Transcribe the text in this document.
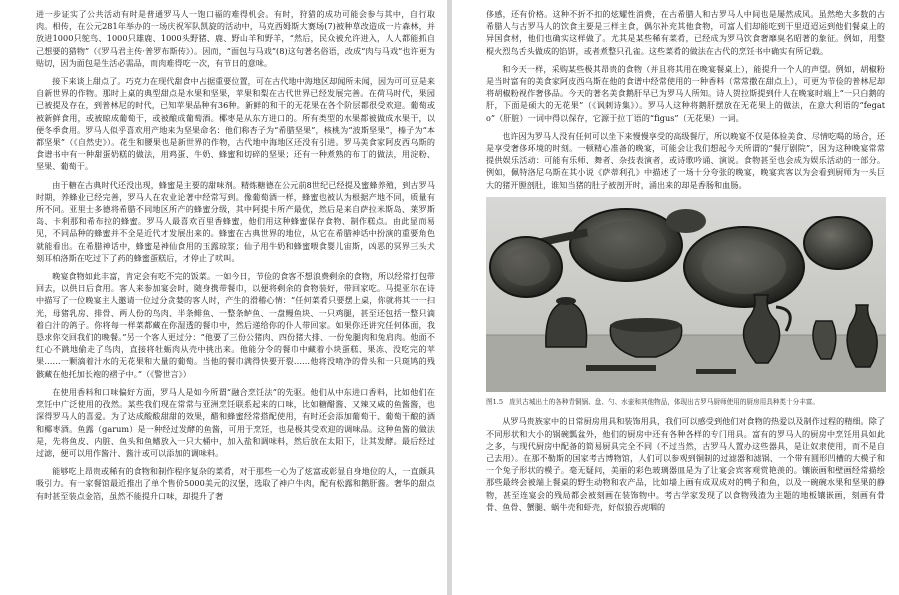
进一步证实了公共活动有时是普通罗马人一饱口福的难得机会。有时，狩猎的成功可能会参与其中，自行取肉。相传，在公元281年举办的一场庆祝军队凯旋的活动中，马克西姆斯大赛场(7)被种草改造成一片森林，并放进1000只鸵鸟、1000只雄鹿、1000头野猪、鹿、野山羊和野羊，“然后，民众被允许进入，人人都能抓自己想要的猎物”（《罗马君主传·普罗布斯传》）。因而，“面包与马戏”(8)这句著名俗语，改成“肉与马戏”也许更为贴切，因为面包是生活必需品，而肉难得吃一次，有节日的意味。

接下来谈上甜点了。巧克力在现代甜食中占据重要位置，可在古代地中海地区却闻所未闻，因为可可豆是来自新世界的作物。那时上桌的典型甜点是水果和坚果，苹果和梨在古代世界已经发展完善。在荷马时代，果园已被提及存在，到普林尼的时代，已知苹果品种有36种。新鲜的和干的无花果在各个阶层都很受欢迎。葡萄或被新鲜食用，或被晾成葡萄干，或被酿成葡萄酒。椰枣是从东方进口的。所有类型的水果都被做成水果干，以便冬季食用。罗马人似乎喜欢用产地来为坚果命名：他们称杏子为“希腊坚果”，核桃为“波斯坚果”，榛子为“本都坚果”（《自然史》）。花生和腰果也是新世界的作物，古代地中海地区还没有引进。罗马美食家阿皮西乌斯的食谱书中有一种甜蛋奶糕的做法，用鸡蛋、牛奶、蜂蜜和切碎的坚果；还有一种煮熟的布丁的做法，用淀粉、坚果、葡萄干。

由于糖在古典时代还没出现，蜂蜜是主要的甜味剂。精炼糖德在公元前8世纪已经提及蜜蜂养殖，到古罗马时期，养蜂业已经完善，罗马人在农业论著中经常写到。像葡萄酒一样，蜂蜜也被认为根据产地不同，质量有所不同。亚里士多德将希腊不同地区所产的蜂蜜分级，其中阿提卡所产最优，然后是来自萨拉米斯岛、莱罗斯岛、卡利那和希布拉的蜂蜜。罗马人最喜欢百里香蜂蜜，他们用这种蜂蜜保存食物、制作糕点。由此显而易见，不同品种的蜂蜜并不全是近代才发展出来的。蜂蜜在古典世界的地位，从它在希腊神话中扮演的重要角色就能看出。在希腊神话中，蜂蜜是神仙食用的玉露琼浆；仙子用牛奶和蜂蜜喂食婴儿宙斯，凶恶的冥界三头犬刻耳柏洛斯在吃过下了药的蜂蜜蛋糕后，才停止了吠叫。

晚宴食物如此丰富，肯定会有吃不完的饭菜。一如今日，节俭的食客不想浪费剩余的食物，所以经常打包带回去，以供日后食用。客人来参加宴会时，随身携带餐巾，以便将剩余的食物装好，带回家吃。马提亚尔在诗中描写了一位晚宴主人邀请一位过分贪婪的客人时，产生的滑稽心情：“任何菜肴只要摆上桌，你就将其一一扫光，母猪乳房、排骨、两人份的鸟肉、半条鲱鱼、一整条鲈鱼、一盘鳗鱼块、一只鸡腿，甚至还包括一整只滴着白汁的鸽子。你将每一样菜都藏在你湿透的餐巾中，然后递给你的仆人带回家。如果你还讲究任何体面，我恳求你交回我们的晚餐。”另一个客人更过分：“他要了三份公猪肉、四份猪大排、一份兔腿肉和兔肩肉。他面不红心不跳地偷走了鸟肉，直接将牡蛎肉从壳中挑出来。他能分令的餐巾中藏着小块蛋糕、果冻、没吃完的苹果……一颗滴着汁水的无花果和大量的葡萄。当他的餐巾满得快要开裂……他将没啃净的骨头和一只斑鸠的残骸藏在他托加长袍的褶子中。”（《警世言》）

在使用香料和口味偏好方面，罗马人是如今所谓“融合烹饪法”的先驱。他们从中东进口香料，比如他们在烹饪中广泛使用的孜然。某些我们现在常常与亚洲烹饪联系起来的口味，比如糖醋酱、又辣又咸的鱼酱酱，也深得罗马人的喜爱。为了达成酸酸甜甜的效果，醋和蜂蜜经常搭配使用，有时还会添加葡萄干、葡萄干酿的酒和椰枣酒。鱼露（garum）是一种经过发酵的鱼酱，可用于烹饪，也是极其受欢迎的调味品。这种鱼酱的做法是，先将鱼皮、内脏、鱼头和鱼鳍放入一只大桶中，加入盐和调味料，然后放在太阳下，让其发酵。最后经过过滤，便可以用作酱汁、酱汁或可以添加的调味料。

能够吃上昂贵或稀有的食物和制作程序复杂的菜肴，对于那些一心为了炫富或彰显自身地位的人，一直颇具吸引力。有一家餐馆最近推出了单个售价5000美元的汉堡，选取了神户牛肉，配有松露和鹅肝酱。奢华的甜点有时甚至装点金箔，虽然不能提升口味，却提升了奢

侈感，还有价格。这种不折不扣的炫耀性消费，在古希腊人和古罗马人中间也是屡然成风。虽然绝大多数的古希腊人与古罗马人的饮食主要是三样主食，偶尔补充其他食物，可富人们却能吃到干里迢迢运到他们餐桌上的异国食材，他们也确实这样做了。尤其是某些稀有菜肴，已经成为罗马饮食奢靡臭名昭著的象征。例如，用整棍火烈鸟舌头做成的馅饼，或者煮整只孔雀。这些菜肴的做法在古代的烹饪书中确实有所记载。

和今天一样，采购某些极其昂贵的食物（并且将其用在晚宴餐桌上），能提升一个人的声望。例如，胡椒粉是当时富有的美食家阿皮西乌斯在他的食谱中经常使用的一种香料（常常撒在甜点上），可更为节俭的普林尼却将胡椒粉视作奢侈品。今天的著名美食鹅肝早已为罗马人所知。诗人贺拉斯提到什人在晚宴时端上“一只白鹅的肝，下面是硕大的无花果”（《讽刺诗集》）。罗马人这种将鹅肝摆放在无花果上的做法，在意大利语的“fegato”（肝脏）一词中得以保存，它源于拉丁语的“figus”（无花果）一词。

也许因为罗马人没有任何可以坐下来慢慢享受的高级餐厅，所以晚宴不仅是体验美食、尽情吃喝的场合，还是享受奢侈环境的时刻。一顿精心准备的晚宴，可能会让我们想起今天所谓的“餐厅剧院”，因为这种晚宴常常提供娱乐活动：可能有乐师、舞者、杂技表演者，或诗歌吟诵、演说。食物甚至也会成为娱乐活动的一部分。例如，佩特洛尼乌斯在其小说《萨蒂利孔》中描述了一场十分夸张的晚宴，晚宴宾客以为会看到厨师为一头巨大的猪开膛剖肚，谁知当猪的肚子被剖开时，涌出来的却是香肠和血肠。

图1.5 庞贝古城出土的各种青铜锅、盘、勺、水壶和其他物品，体现出古罗马厨师使用的厨房用具种类十分丰富。

从罗马贵族家中的日常厨房用具和装饰用具，我们可以感受到他们对食物的热爱以及制作过程的精细。除了不同形状和大小的锅碗瓢盆外，他们的厨房中还有各种各样的专门用具。富有的罗马人的厨房中烹饪用具如此之多，与现代厨房中配备的简易厨具完全不同（不过当然，古罗马人置办这些器具，是让奴隶使用，而不是自己去用）。在那不勒斯的国家考古博物馆，人们可以参观到铜制的过滤器和滤锅、一个带有圆形凹槽的大模子和一个兔子形状的模子。毫无疑问，美丽的彩色玻璃器皿是为了让宴会宾客观赏艳羡的。镶嵌画和壁画经常描绘那些最终会被端上餐桌的野生动物和农产品，比如墙上画有成双成对的鸭子和鱼，以及一碗碗水果和坚果的静物，甚至连宴会的残局都会被刻画在装饰物中。考古学家发现了以食物残渣为主题的地板镶嵌画，刻画有骨骨、鱼骨、蟹腿、蜗牛壳和虾壳，好似狼吞虎咽的
